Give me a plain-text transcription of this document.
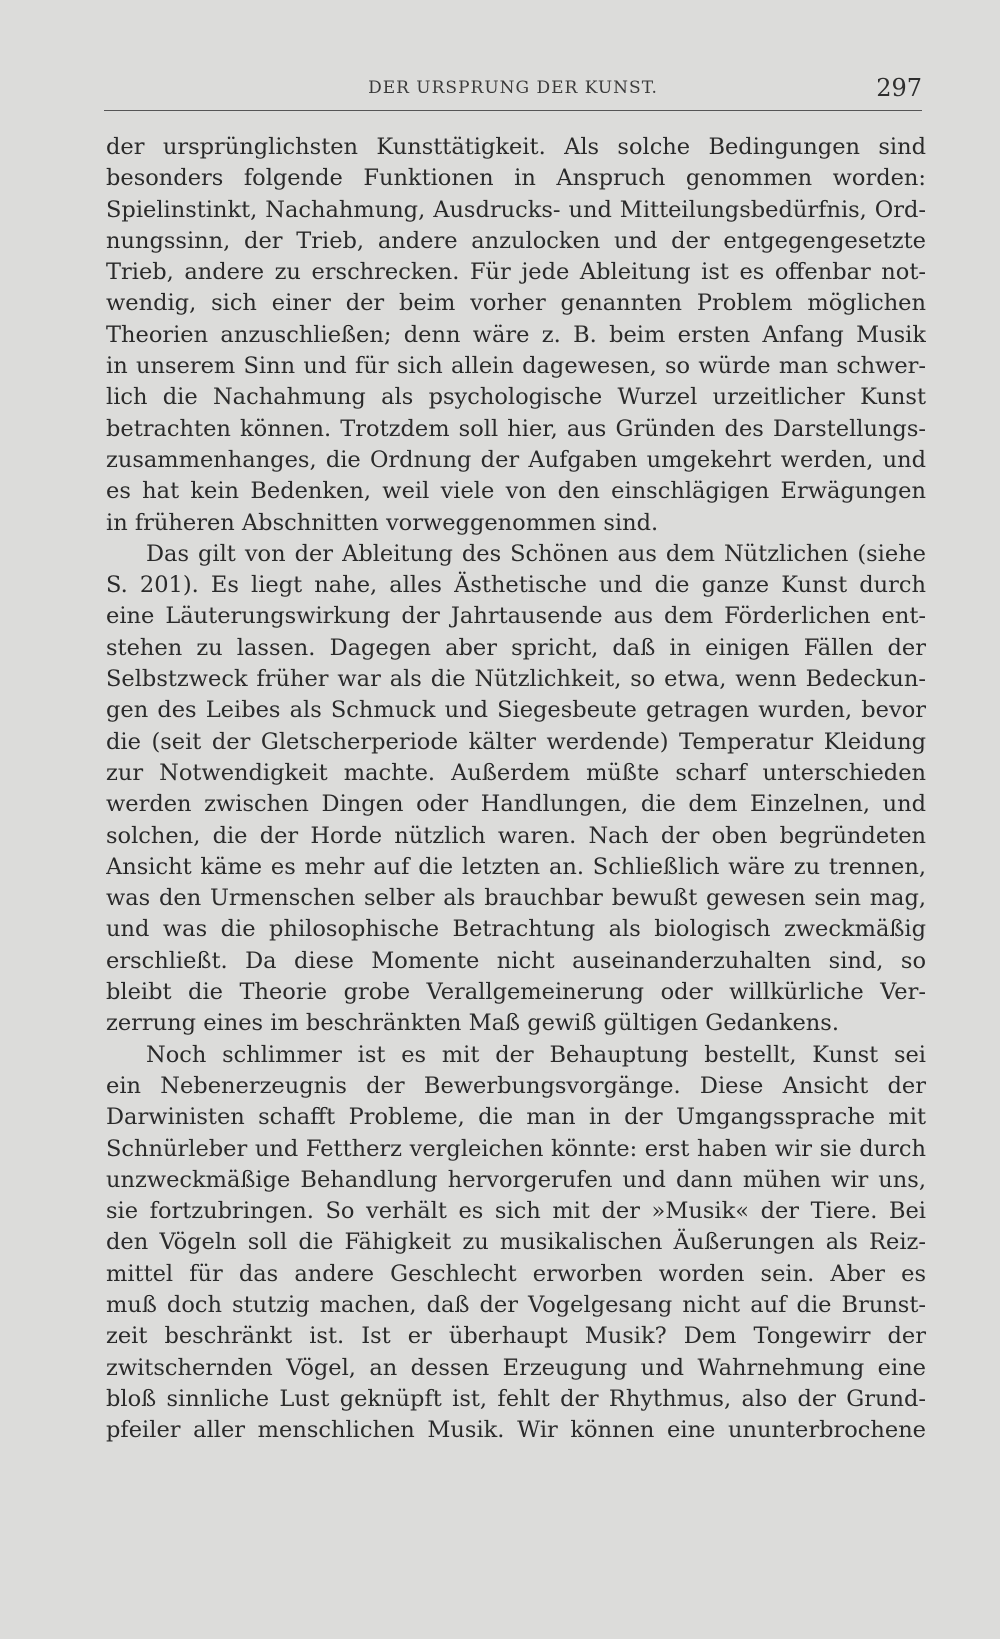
DER URSPRUNG DER KUNST.	297
der ursprünglichsten Kunsttätigkeit. Als solche Bedingungen sind
besonders folgende Funktionen in Anspruch genommen worden:
Spielinstinkt, Nachahmung, Ausdrucks- und Mitteilungsbedürfnis, Ord-
nungssinn, der Trieb, andere anzulocken und der entgegengesetzte
Trieb, andere zu erschrecken. Für jede Ableitung ist es offenbar not-
wendig, sich einer der beim vorher genannten Problem möglichen
Theorien anzuschließen; denn wäre z. B. beim ersten Anfang Musik
in unserem Sinn und für sich allein dagewesen, so würde man schwer-
lich die Nachahmung als psychologische Wurzel urzeitlicher Kunst
betrachten können. Trotzdem soll hier, aus Gründen des Darstellungs-
zusammenhanges, die Ordnung der Aufgaben umgekehrt werden, und
es hat kein Bedenken, weil viele von den einschlägigen Erwägungen
in früheren Abschnitten vorweggenommen sind.
Das gilt von der Ableitung des Schönen aus dem Nützlichen (siehe
S. 201). Es liegt nahe, alles Ästhetische und die ganze Kunst durch
eine Läuterungswirkung der Jahrtausende aus dem Förderlichen ent-
stehen zu lassen. Dagegen aber spricht, daß in einigen Fällen der
Selbstzweck früher war als die Nützlichkeit, so etwa, wenn Bedeckun-
gen des Leibes als Schmuck und Siegesbeute getragen wurden, bevor
die (seit der Gletscherperiode kälter werdende) Temperatur Kleidung
zur Notwendigkeit machte. Außerdem müßte scharf unterschieden
werden zwischen Dingen oder Handlungen, die dem Einzelnen, und
solchen, die der Horde nützlich waren. Nach der oben begründeten
Ansicht käme es mehr auf die letzten an. Schließlich wäre zu trennen,
was den Urmenschen selber als brauchbar bewußt gewesen sein mag,
und was die philosophische Betrachtung als biologisch zweckmäßig
erschließt. Da diese Momente nicht auseinanderzuhalten sind, so
bleibt die Theorie grobe Verallgemeinerung oder willkürliche Ver-
zerrung eines im beschränkten Maß gewiß gültigen Gedankens.
Noch schlimmer ist es mit der Behauptung bestellt, Kunst sei
ein Nebenerzeugnis der Bewerbungsvorgänge. Diese Ansicht der
Darwinisten schafft Probleme, die man in der Umgangssprache mit
Schnürleber und Fettherz vergleichen könnte: erst haben wir sie durch
unzweckmäßige Behandlung hervorgerufen und dann mühen wir uns,
sie fortzubringen. So verhält es sich mit der »Musik« der Tiere. Bei
den Vögeln soll die Fähigkeit zu musikalischen Äußerungen als Reiz-
mittel für das andere Geschlecht erworben worden sein. Aber es
muß doch stutzig machen, daß der Vogelgesang nicht auf die Brunst-
zeit beschränkt ist. Ist er überhaupt Musik? Dem Tongewirr der
zwitschernden Vögel, an dessen Erzeugung und Wahrnehmung eine
bloß sinnliche Lust geknüpft ist, fehlt der Rhythmus, also der Grund-
pfeiler aller menschlichen Musik. Wir können eine ununterbrochene
